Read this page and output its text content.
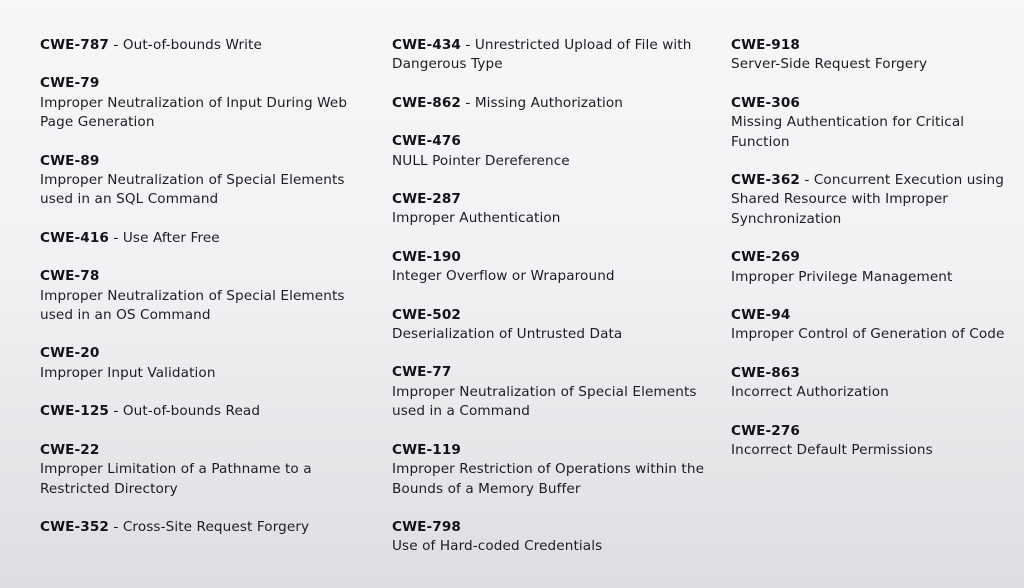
CWE-787 - Out-of-bounds Write
CWE-79
Improper Neutralization of Input During Web Page Generation
CWE-89
Improper Neutralization of Special Elements used in an SQL Command
CWE-416 - Use After Free
CWE-78
Improper Neutralization of Special Elements used in an OS Command
CWE-20
Improper Input Validation
CWE-125 - Out-of-bounds Read
CWE-22
Improper Limitation of a Pathname to a Restricted Directory
CWE-352 - Cross-Site Request Forgery
CWE-434 - Unrestricted Upload of File with Dangerous Type
CWE-862 - Missing Authorization
CWE-476
NULL Pointer Dereference
CWE-287
Improper Authentication
CWE-190
Integer Overflow or Wraparound
CWE-502
Deserialization of Untrusted Data
CWE-77
Improper Neutralization of Special Elements used in a Command
CWE-119
Improper Restriction of Operations within the Bounds of a Memory Buffer
CWE-798
Use of Hard-coded Credentials
CWE-918
Server-Side Request Forgery
CWE-306
Missing Authentication for Critical Function
CWE-362 - Concurrent Execution using Shared Resource with Improper Synchronization
CWE-269
Improper Privilege Management
CWE-94
Improper Control of Generation of Code
CWE-863
Incorrect Authorization
CWE-276
Incorrect Default Permissions
